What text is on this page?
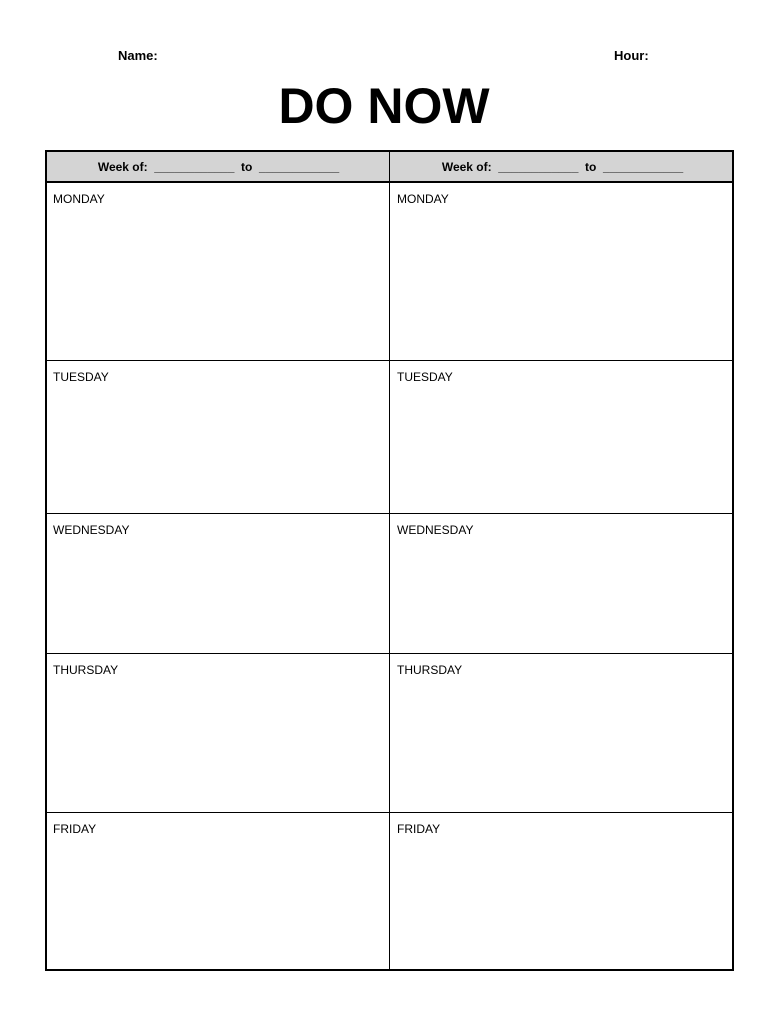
Name:	Hour:
DO NOW
Week of:  ____________  to  ____________	Week of:  ____________  to  ____________
MONDAY	MONDAY
TUESDAY	TUESDAY
WEDNESDAY	WEDNESDAY
THURSDAY	THURSDAY
FRIDAY	FRIDAY
